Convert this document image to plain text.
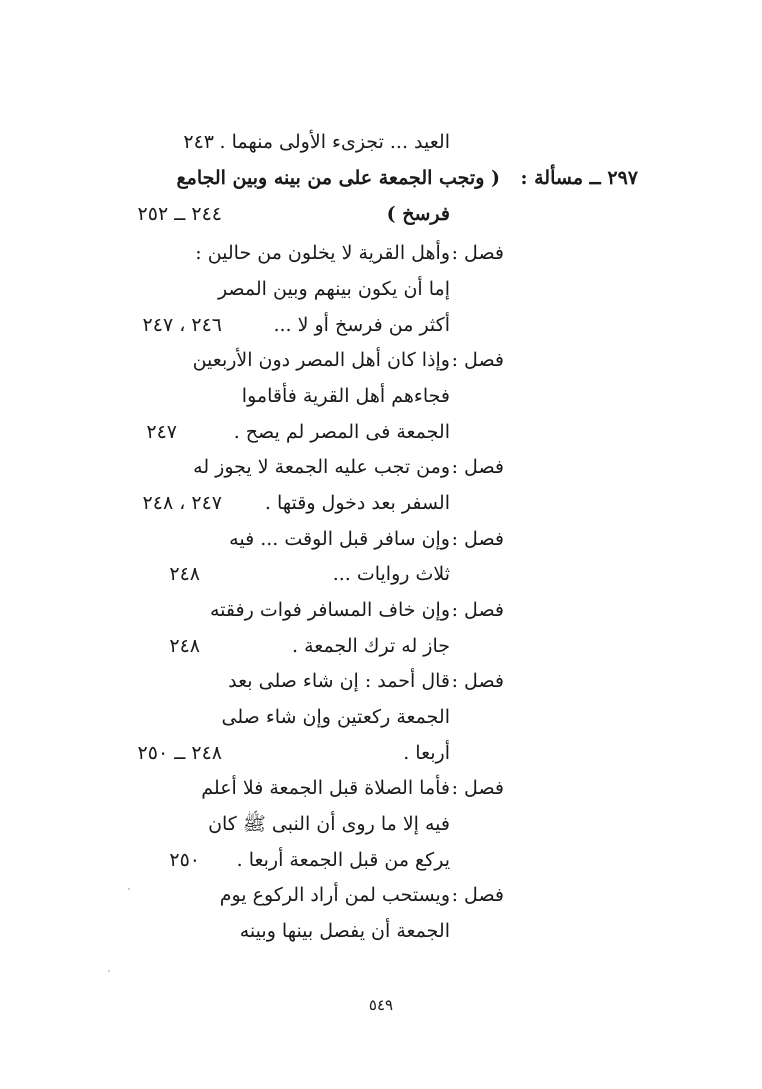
العيد ... تجزىء الأولى منهما .
٢٤٣
٢٩٧ ــ مسألة :
( وتجب الجمعة على من بينه وبين الجامع
فرسخ )
٢٤٤ ــ ٢٥٢
فصل :
وأهل القرية لا يخلون من حالين :
إما أن يكون بينهم وبين المصر
أكثر من فرسخ أو لا ...
٢٤٦ ، ٢٤٧
فصل :
وإذا كان أهل المصر دون الأربعين
فجاءهم أهل القرية فأقاموا
الجمعة فى المصر لم يصح .
٢٤٧
فصل :
ومن تجب عليه الجمعة لا يجوز له
السفر بعد دخول وقتها .
٢٤٧ ، ٢٤٨
فصل :
وإن سافر قبل الوقت ... فيه
ثلاث روايات ...
٢٤٨
فصل :
وإن خاف المسافر فوات رفقته
جاز له ترك الجمعة .
٢٤٨
فصل :
قال أحمد : إن شاء صلى بعد
الجمعة ركعتين وإن شاء صلى
أربعا .
٢٤٨ ــ ٢٥٠
فصل :
فأما الصلاة قبل الجمعة فلا أعلم
فيه إلا ما روى أن النبى ﷺ كان
يركع من قبل الجمعة أربعا .
٢٥٠
فصل :
ويستحب لمن أراد الركوع يوم
الجمعة أن يفصل بينها وبينه
٥٤٩
